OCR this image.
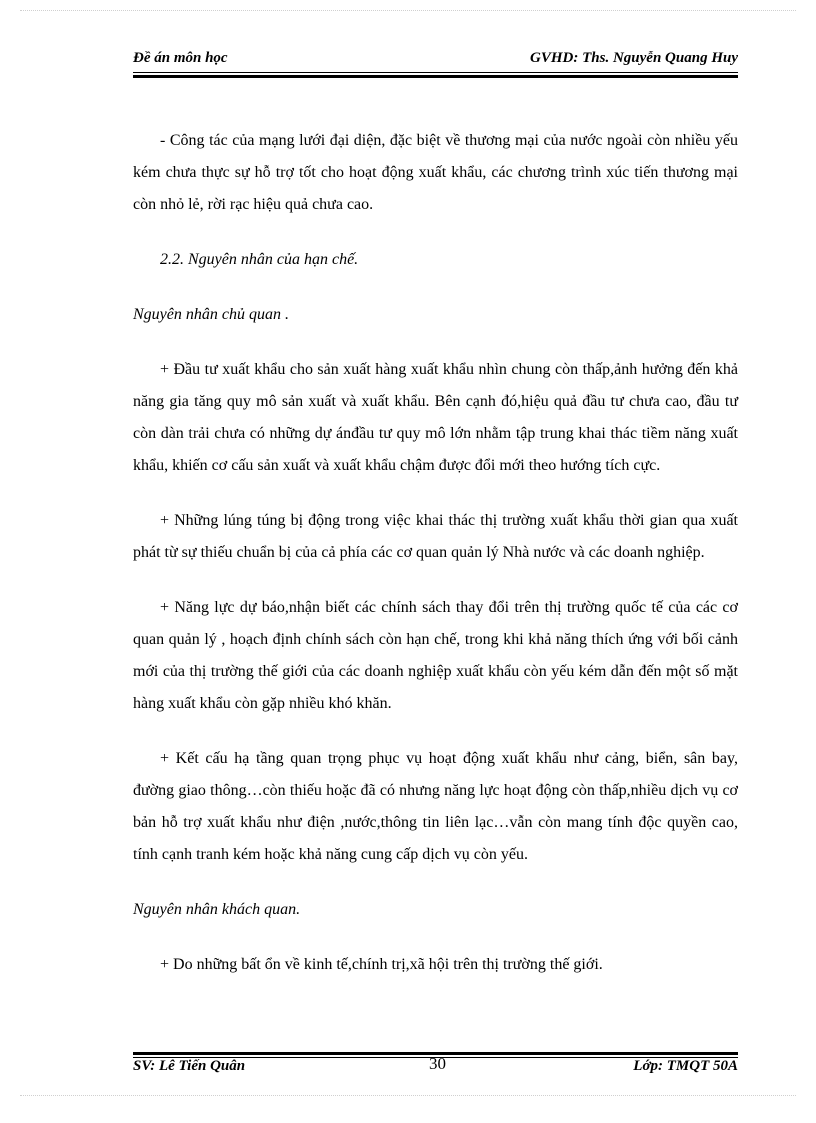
Đề án môn học	GVHD: Ths. Nguyễn Quang Huy

- Công tác của mạng lưới đại diện, đặc biệt về thương mại của nước ngoài còn nhiều yếu kém chưa thực sự hỗ trợ tốt cho hoạt động xuất khẩu, các chương trình xúc tiến thương mại còn nhỏ lẻ, rời rạc hiệu quả chưa cao.

2.2. Nguyên nhân của hạn chế.

Nguyên nhân chủ quan .

+ Đầu tư xuất khẩu cho sản xuất hàng xuất khẩu nhìn chung còn thấp,ảnh hưởng đến khả năng gia tăng quy mô sản xuất và xuất khẩu. Bên cạnh đó,hiệu quả đầu tư chưa cao, đầu tư còn dàn trải chưa có những dự ánđầu tư quy mô lớn nhằm tập trung khai thác tiềm năng xuất khẩu, khiến cơ cấu sản xuất và xuất khẩu chậm được đổi mới theo hướng tích cực.

+ Những lúng túng bị động trong việc khai thác thị trường xuất khẩu thời gian qua xuất phát từ sự thiếu chuẩn bị của cả phía các cơ quan quản lý Nhà nước và các doanh nghiệp.

+ Năng lực dự báo,nhận biết các chính sách thay đổi trên thị trường quốc tế của các cơ quan quản lý , hoạch định chính sách còn hạn chế, trong khi khả năng thích ứng với bối cảnh mới của thị trường thế giới của các doanh nghiệp xuất khẩu còn yếu kém dẫn đến một số mặt hàng xuất khẩu còn gặp nhiều khó khăn.

+ Kết cấu hạ tầng quan trọng phục vụ hoạt động xuất khẩu như cảng, biển, sân bay, đường giao thông…còn thiếu hoặc đã có nhưng năng lực hoạt động còn thấp,nhiều dịch vụ cơ bản hỗ trợ xuất khẩu như điện ,nước,thông tin liên lạc…vẫn còn mang tính độc quyền cao, tính cạnh tranh kém hoặc khả năng cung cấp dịch vụ còn yếu.

Nguyên nhân khách quan.

+ Do những bất ổn về kinh tế,chính trị,xã hội trên thị trường thế giới.

SV: Lê Tiến Quân	30	Lớp: TMQT 50A
